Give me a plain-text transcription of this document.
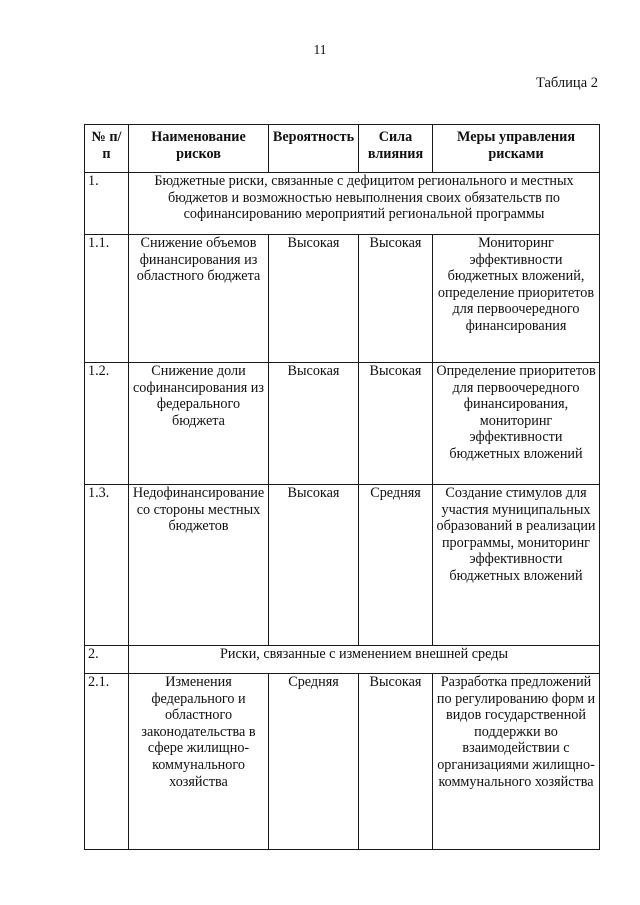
11
Таблица 2
№ п/п	Наименование рисков	Вероятность	Сила влияния	Меры управления рисками
1.	Бюджетные риски, связанные с дефицитом регионального и местных бюджетов и возможностью невыполнения своих обязательств по софинансированию мероприятий региональной программы			
1.1.	Снижение объемов финансирования из областного бюджета	Высокая	Высокая	Мониторинг эффективности бюджетных вложений, определение приоритетов для первоочередного финансирования
1.2.	Снижение доли софинансирования из федерального бюджета	Высокая	Высокая	Определение приоритетов для первоочередного финансирования, мониторинг эффективности бюджетных вложений
1.3.	Недофинансирование со стороны местных бюджетов	Высокая	Средняя	Создание стимулов для участия муниципальных образований в реализации программы, мониторинг эффективности бюджетных вложений
2.	Риски, связанные с изменением внешней среды			
2.1.	Изменения федерального и областного законодательства в сфере жилищно-коммунального хозяйства	Средняя	Высокая	Разработка предложений по регулированию форм и видов государственной поддержки во взаимодействии с организациями жилищно-коммунального хозяйства
